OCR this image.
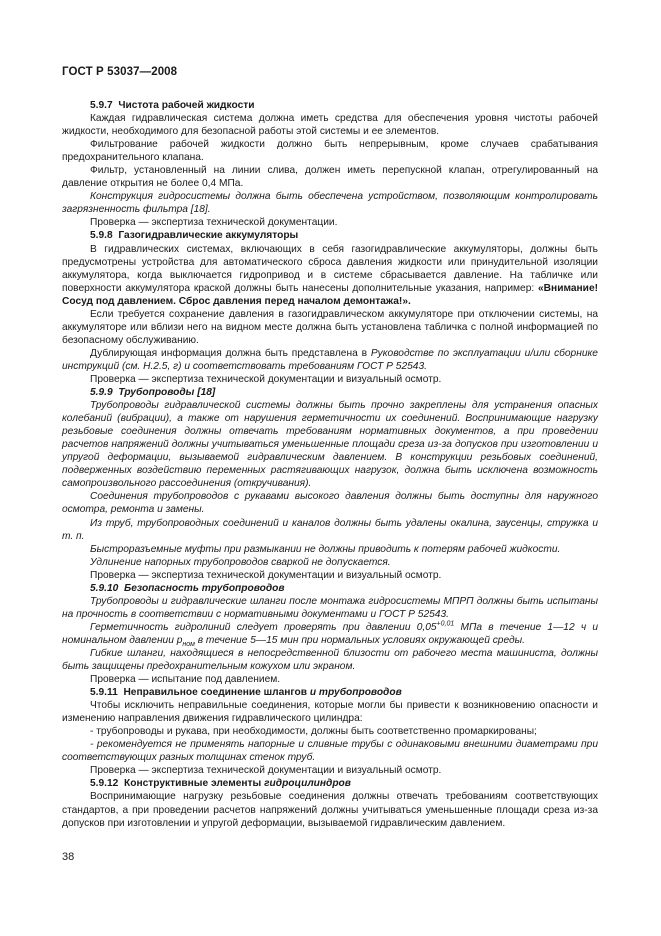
ГОСТ Р 53037—2008

5.9.7 Чистота рабочей жидкости

Каждая гидравлическая система должна иметь средства для обеспечения уровня чистоты рабочей жидкости, необходимого для безопасной работы этой системы и ее элементов.

Фильтрование рабочей жидкости должно быть непрерывным, кроме случаев срабатывания предохранительного клапана.

Фильтр, установленный на линии слива, должен иметь перепускной клапан, отрегулированный на давление открытия не более 0,4 МПа.

Конструкция гидросистемы должна быть обеспечена устройством, позволяющим контролировать загрязненность фильтра [18].

Проверка — экспертиза технической документации.

5.9.8 Газогидравлические аккумуляторы

В гидравлических системах, включающих в себя газогидравлические аккумуляторы, должны быть предусмотрены устройства для автоматического сброса давления жидкости или принудительной изоляции аккумулятора, когда выключается гидропривод и в системе сбрасывается давление. На табличке или поверхности аккумулятора краской должны быть нанесены дополнительные указания, например: «Внимание! Сосуд под давлением. Сброс давления перед началом демонтажа!».

Если требуется сохранение давления в газогидравлическом аккумуляторе при отключении системы, на аккумуляторе или вблизи него на видном месте должна быть установлена табличка с полной информацией по безопасному обслуживанию.

Дублирующая информация должна быть представлена в Руководстве по эксплуатации и/или сборнике инструкций (см. Н.2.5, г) и соответствовать требованиям ГОСТ Р 52543.

Проверка — экспертиза технической документации и визуальный осмотр.

5.9.9 Трубопроводы [18]

Трубопроводы гидравлической системы должны быть прочно закреплены для устранения опасных колебаний (вибрации), а также от нарушения герметичности их соединений. Воспринимающие нагрузку резьбовые соединения должны отвечать требованиям нормативных документов, а при проведении расчетов напряжений должны учитываться уменьшенные площади среза из-за допусков при изготовлении и упругой деформации, вызываемой гидравлическим давлением. В конструкции резьбовых соединений, подверженных воздействию переменных растягивающих нагрузок, должна быть исключена возможность самопроизвольного рассоединения (откручивания).

Соединения трубопроводов с рукавами высокого давления должны быть доступны для наружного осмотра, ремонта и замены.

Из труб, трубопроводных соединений и каналов должны быть удалены окалина, заусенцы, стружка и т. п.

Быстроразъемные муфты при размыкании не должны приводить к потерям рабочей жидкости.

Удлинение напорных трубопроводов сваркой не допускается.

Проверка — экспертиза технической документации и визуальный осмотр.

5.9.10 Безопасность трубопроводов

Трубопроводы и гидравлические шланги после монтажа гидросистемы МПРП должны быть испытаны на прочность в соответствии с нормативными документами и ГОСТ Р 52543.

Герметичность гидролиний следует проверять при давлении $0,05^{+0,01}$ МПа в течение 1—12 ч и номинальном давлении $p_{ном}$ в течение 5—15 мин при нормальных условиях окружающей среды.

Гибкие шланги, находящиеся в непосредственной близости от рабочего места машиниста, должны быть защищены предохранительным кожухом или экраном.

Проверка — испытание под давлением.

5.9.11 Неправильное соединение шлангов и трубопроводов

Чтобы исключить неправильные соединения, которые могли бы привести к возникновению опасности и изменению направления движения гидравлического цилиндра:

- трубопроводы и рукава, при необходимости, должны быть соответственно промаркированы;

- рекомендуется не применять напорные и сливные трубы с одинаковыми внешними диаметрами при соответствующих разных толщинах стенок труб.

Проверка — экспертиза технической документации и визуальный осмотр.

5.9.12 Конструктивные элементы гидроцилиндров

Воспринимающие нагрузку резьбовые соединения должны отвечать требованиям соответствующих стандартов, а при проведении расчетов напряжений должны учитываться уменьшенные площади среза из-за допусков при изготовлении и упругой деформации, вызываемой гидравлическим давлением.

38
